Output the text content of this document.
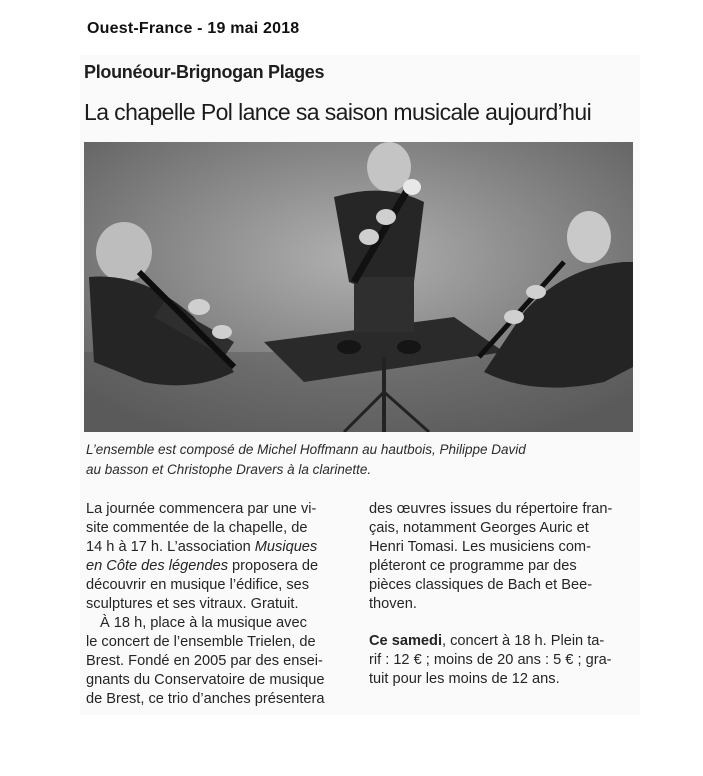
Ouest-France - 19 mai 2018
Plounéour-Brignogan Plages
La chapelle Pol lance sa saison musicale aujourd’hui
L’ensemble est composé de Michel Hoffmann au hautbois, Philippe David
au basson et Christophe Dravers à la clarinette.
La journée commencera par une vi-
site commentée de la chapelle, de
14 h à 17 h. L’association Musiques
en Côte des légendes proposera de
découvrir en musique l’édifice, ses
sculptures et ses vitraux. Gratuit.
À 18 h, place à la musique avec
le concert de l’ensemble Trielen, de
Brest. Fondé en 2005 par des ensei-
gnants du Conservatoire de musique
de Brest, ce trio d’anches présentera
des œuvres issues du répertoire fran-
çais, notamment Georges Auric et
Henri Tomasi. Les musiciens com-
pléteront ce programme par des
pièces classiques de Bach et Bee-
thoven.
Ce samedi, concert à 18 h. Plein ta-
rif : 12 € ; moins de 20 ans : 5 € ; gra-
tuit pour les moins de 12 ans.
